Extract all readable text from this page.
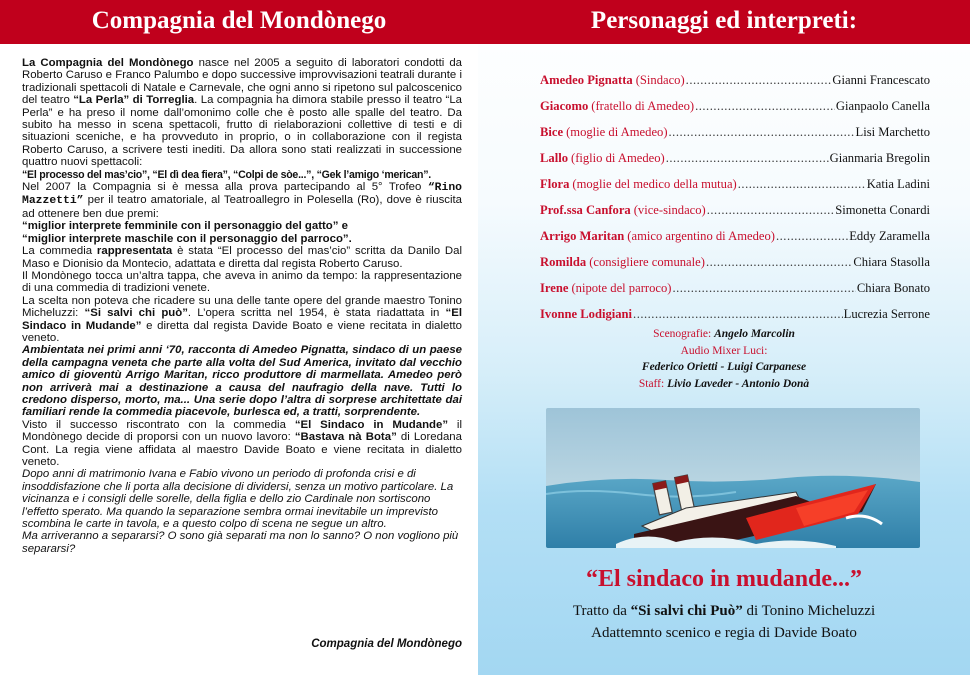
Compagnia del Mondònego

La Compagnia del Mondònego nasce nel 2005 a seguito di laboratori condotti da Roberto Caruso e Franco Palumbo e dopo successive improvvisazioni teatrali durante i tradizionali spettacoli di Natale e Carnevale, che ogni anno si ripetono sul palcoscenico del teatro “La Perla” di Torreglia. La compagnia ha dimora stabile presso il teatro “La Perla” e ha preso il nome dall’omonimo colle che è posto alle spalle del teatro. Da subito ha messo in scena spettacoli, frutto di rielaborazioni collettive di testi e di situazioni sceniche, e ha provveduto in proprio, o in collaborazione con il regista Roberto Caruso, a scrivere testi inediti. Da allora sono stati realizzati in successione quattro nuovi spettacoli:

“El processo del mas’cio”, “El dì dea fiera”, “Colpi de sòe...”, “Gek l’amigo ‘merican”.

Nel 2007 la Compagnia si è messa alla prova partecipando al 5° Trofeo “Rino Mazzetti” per il teatro amatoriale, al Teatroallegro in Polesella (Ro), dove è riuscita ad ottenere ben due premi:

“miglior interprete femminile con il personaggio del gatto” e

“miglior interprete maschile con il personaggio del parroco”.

La commedia rappresentata è stata “El processo del mas’cio” scritta da Danilo Dal Maso e Dionisio da Montecio, adattata e diretta dal regista Roberto Caruso.

Il Mondònego tocca un’altra tappa, che aveva in animo da tempo: la rappresentazione di una commedia di tradizioni venete.

La scelta non poteva che ricadere su una delle tante opere del grande maestro Tonino Micheluzzi: “Si salvi chi può”. L’opera scritta nel 1954, è stata riadattata in “El Sindaco in Mudande” e diretta dal regista Davide Boato e viene recitata in dialetto veneto.

Ambientata nei primi anni ‘70, racconta di Amedeo Pignatta, sindaco di un paese della campagna veneta che parte alla volta del Sud America, invitato dal vecchio amico di gioventù Arrigo Maritan, ricco produttore di marmellata. Amedeo però non arriverà mai a destinazione a causa del naufragio della nave. Tutti lo credono disperso, morto, ma... Una serie dopo l’altra di sorprese architettate dai familiari rende la commedia piacevole, burlesca ed, a tratti, sorprendente.

Visto il successo riscontrato con la commedia “El Sindaco in Mudande” il Mondònego decide di proporsi con un nuovo lavoro: “Bastava nà Bota” di Loredana Cont. La regia viene affidata al maestro Davide Boato e viene recitata in dialetto veneto.

Dopo anni di matrimonio Ivana e Fabio vivono un periodo di profonda crisi e di insoddisfazione che li porta alla decisione di dividersi, senza un motivo particolare. La vicinanza e i consigli delle sorelle, della figlia e dello zio Cardinale non sortiscono l’effetto sperato. Ma quando la separazione sembra ormai inevitabile un imprevisto scombina le carte in tavola, e a questo colpo di scena ne segue un altro.

Ma arriveranno a separarsi? O sono già separati ma non lo sanno? O non vogliono più separarsi?

Compagnia del Mondònego
Personaggi ed interpreti:
Amedeo Pignatta (Sindaco) .....	Gianni Francescato
Giacomo (fratello di Amedeo) .....	Gianpaolo Canella
Bice (moglie di Amedeo) .....	Lisi Marchetto
Lallo (figlio di Amedeo) .....	Gianmaria Bregolin
Flora (moglie del medico della mutua) .....	Katia Ladini
Prof.ssa Canfora (vice-sindaco) .....	Simonetta Conardi
Arrigo Maritan (amico argentino di Amedeo) .....	Eddy Zaramella
Romilda (consigliere comunale) .....	Chiara Stasolla
Irene (nipote del parroco) .....	Chiara Bonato
Ivonne Lodigiani .....	Lucrezia Serrone
Scenografie: Angelo Marcolin
Audio Mixer Luci:
Federico Orietti - Luigi Carpanese
Staff: Livio Laveder - Antonio Donà
“El sindaco in mudande...”
Tratto da “Si salvi chi Può” di Tonino Micheluzzi
Adattemnto scenico e regia di Davide Boato
